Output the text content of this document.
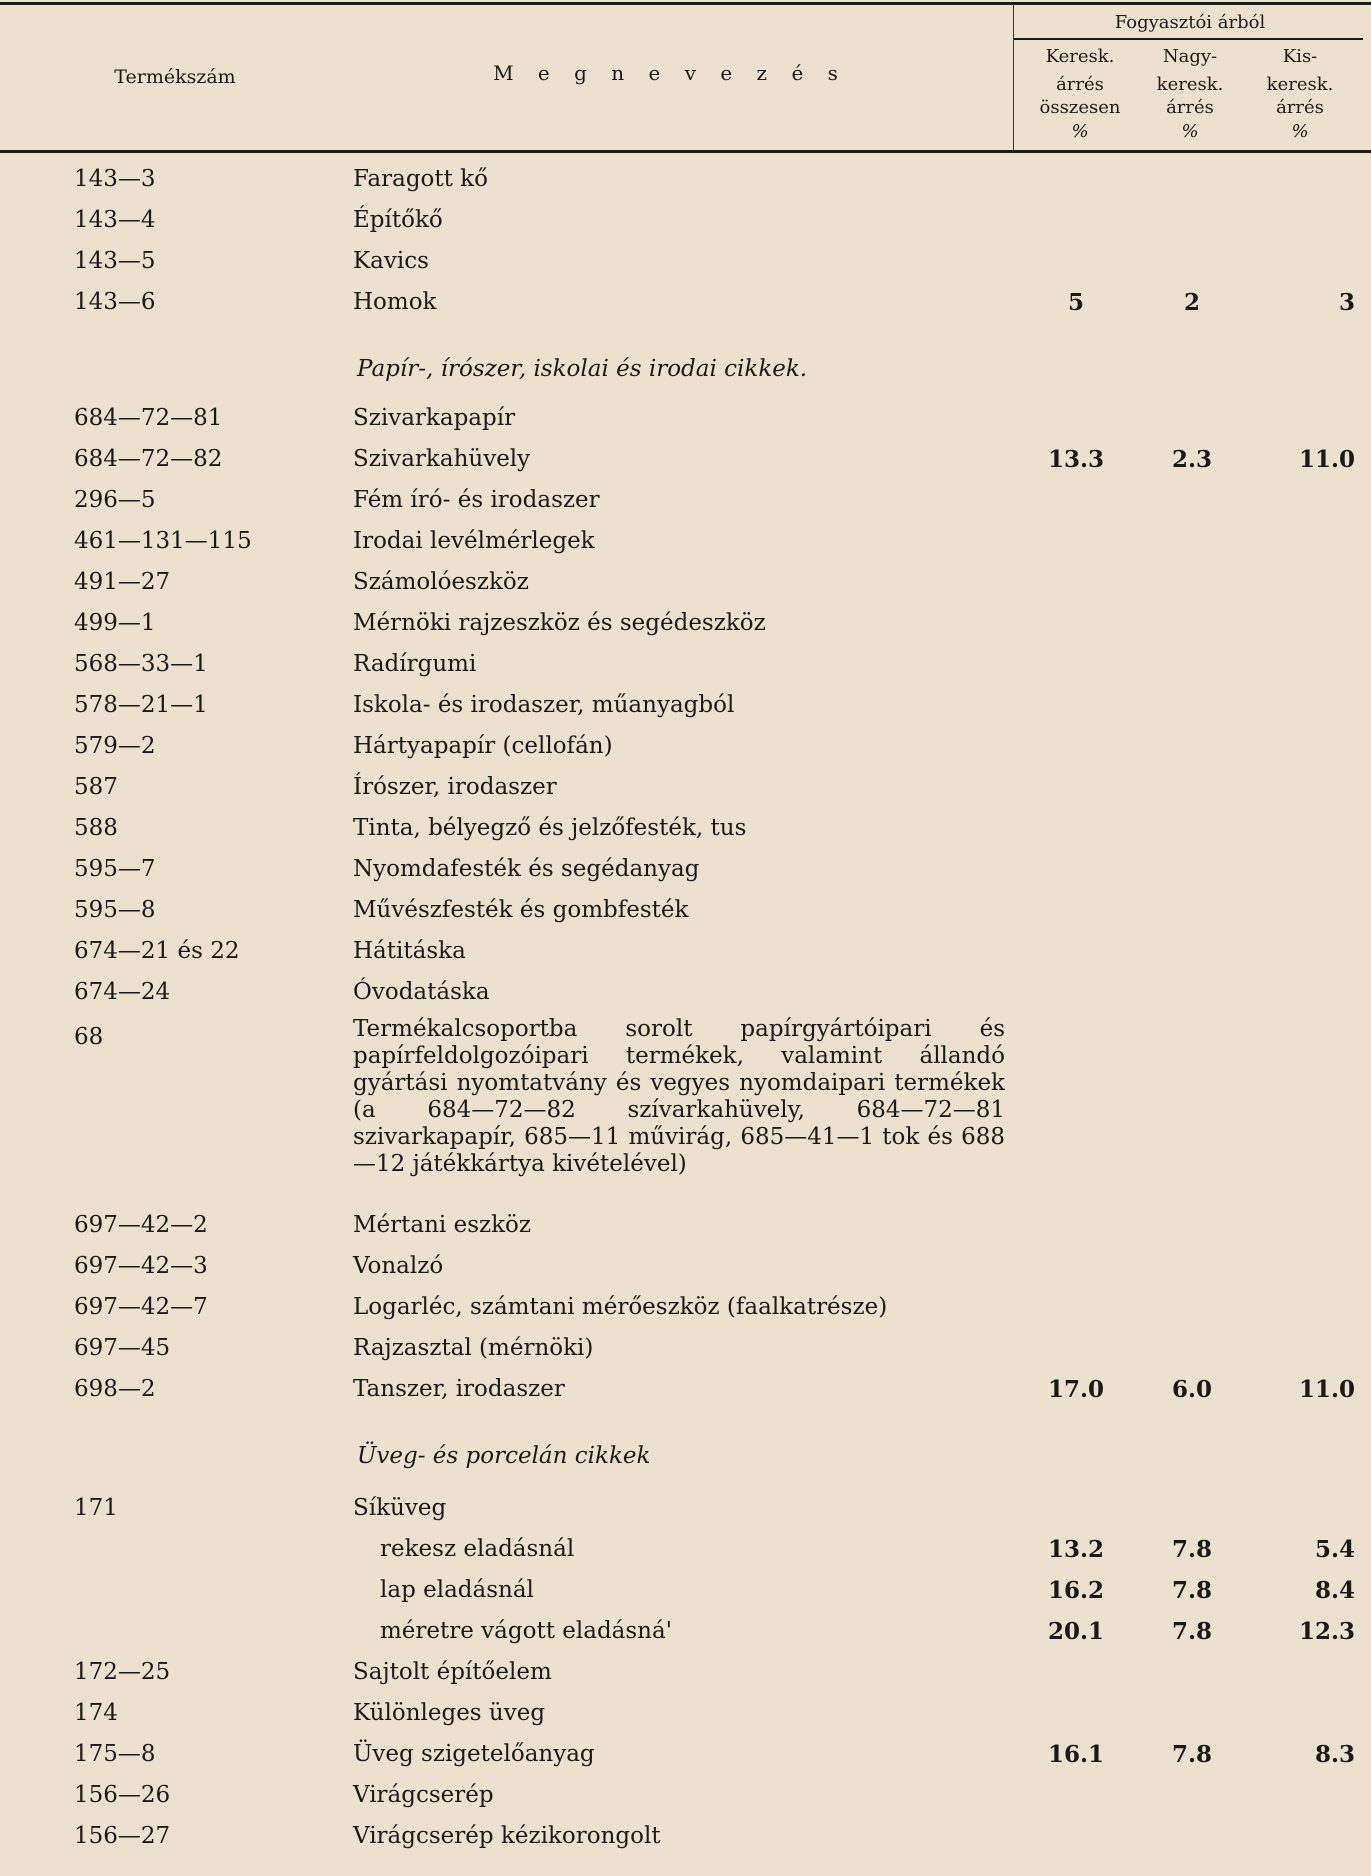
Termékszám	M e g n e v e z é s
Fogyasztói árból
Keresk.
árrés
összesen
%
Nagy-
keresk.
árrés
%
Kis-
keresk.
árrés
%
143—3	Faragott kő
143—4	Építőkő
143—5	Kavics
143—6	Homok	5	2	3
Papír-, írószer, iskolai és irodai cikkek.
684—72—81	Szivarkapapír
684—72—82	Szivarkahüvely	13.3	2.3	11.0
296—5	Fém író- és irodaszer
461—131—115	Irodai levélmérlegek
491—27	Számolóeszköz
499—1	Mérnöki rajzeszköz és segédeszköz
568—33—1	Radírgumi
578—21—1	Iskola- és irodaszer, műanyagból
579—2	Hártyapapír (cellofán)
587	Írószer, irodaszer
588	Tinta, bélyegző és jelzőfesték, tus
595—7	Nyomdafesték és segédanyag
595—8	Művészfesték és gombfesték
674—21 és 22	Hátitáska
674—24	Óvodatáska
68	Termékalcsoportba sorolt papírgyártóipari és papírfeldolgozóipari termékek, valamint állandó gyártási nyomtatvány és vegyes nyomdaipari termékek (a 684—72—82 szívarkahüvely, 684—72—81 szivarkapapír, 685—11 művirág, 685—41—1 tok és 688—12 játékkártya kivételével)
697—42—2	Mértani eszköz
697—42—3	Vonalzó
697—42—7	Logarléc, számtani mérőeszköz (faalkatrésze)
697—45	Rajzasztal (mérnöki)
698—2	Tanszer, irodaszer	17.0	6.0	11.0
Üveg- és porcelán cikkek
171	Síküveg
rekesz eladásnál	13.2	7.8	5.4
lap eladásnál	16.2	7.8	8.4
méretre vágott eladásná'	20.1	7.8	12.3
172—25	Sajtolt építőelem
174	Különleges üveg
175—8	Üveg szigetelőanyag	16.1	7.8	8.3
156—26	Virágcserép
156—27	Virágcserép kézikorongolt
